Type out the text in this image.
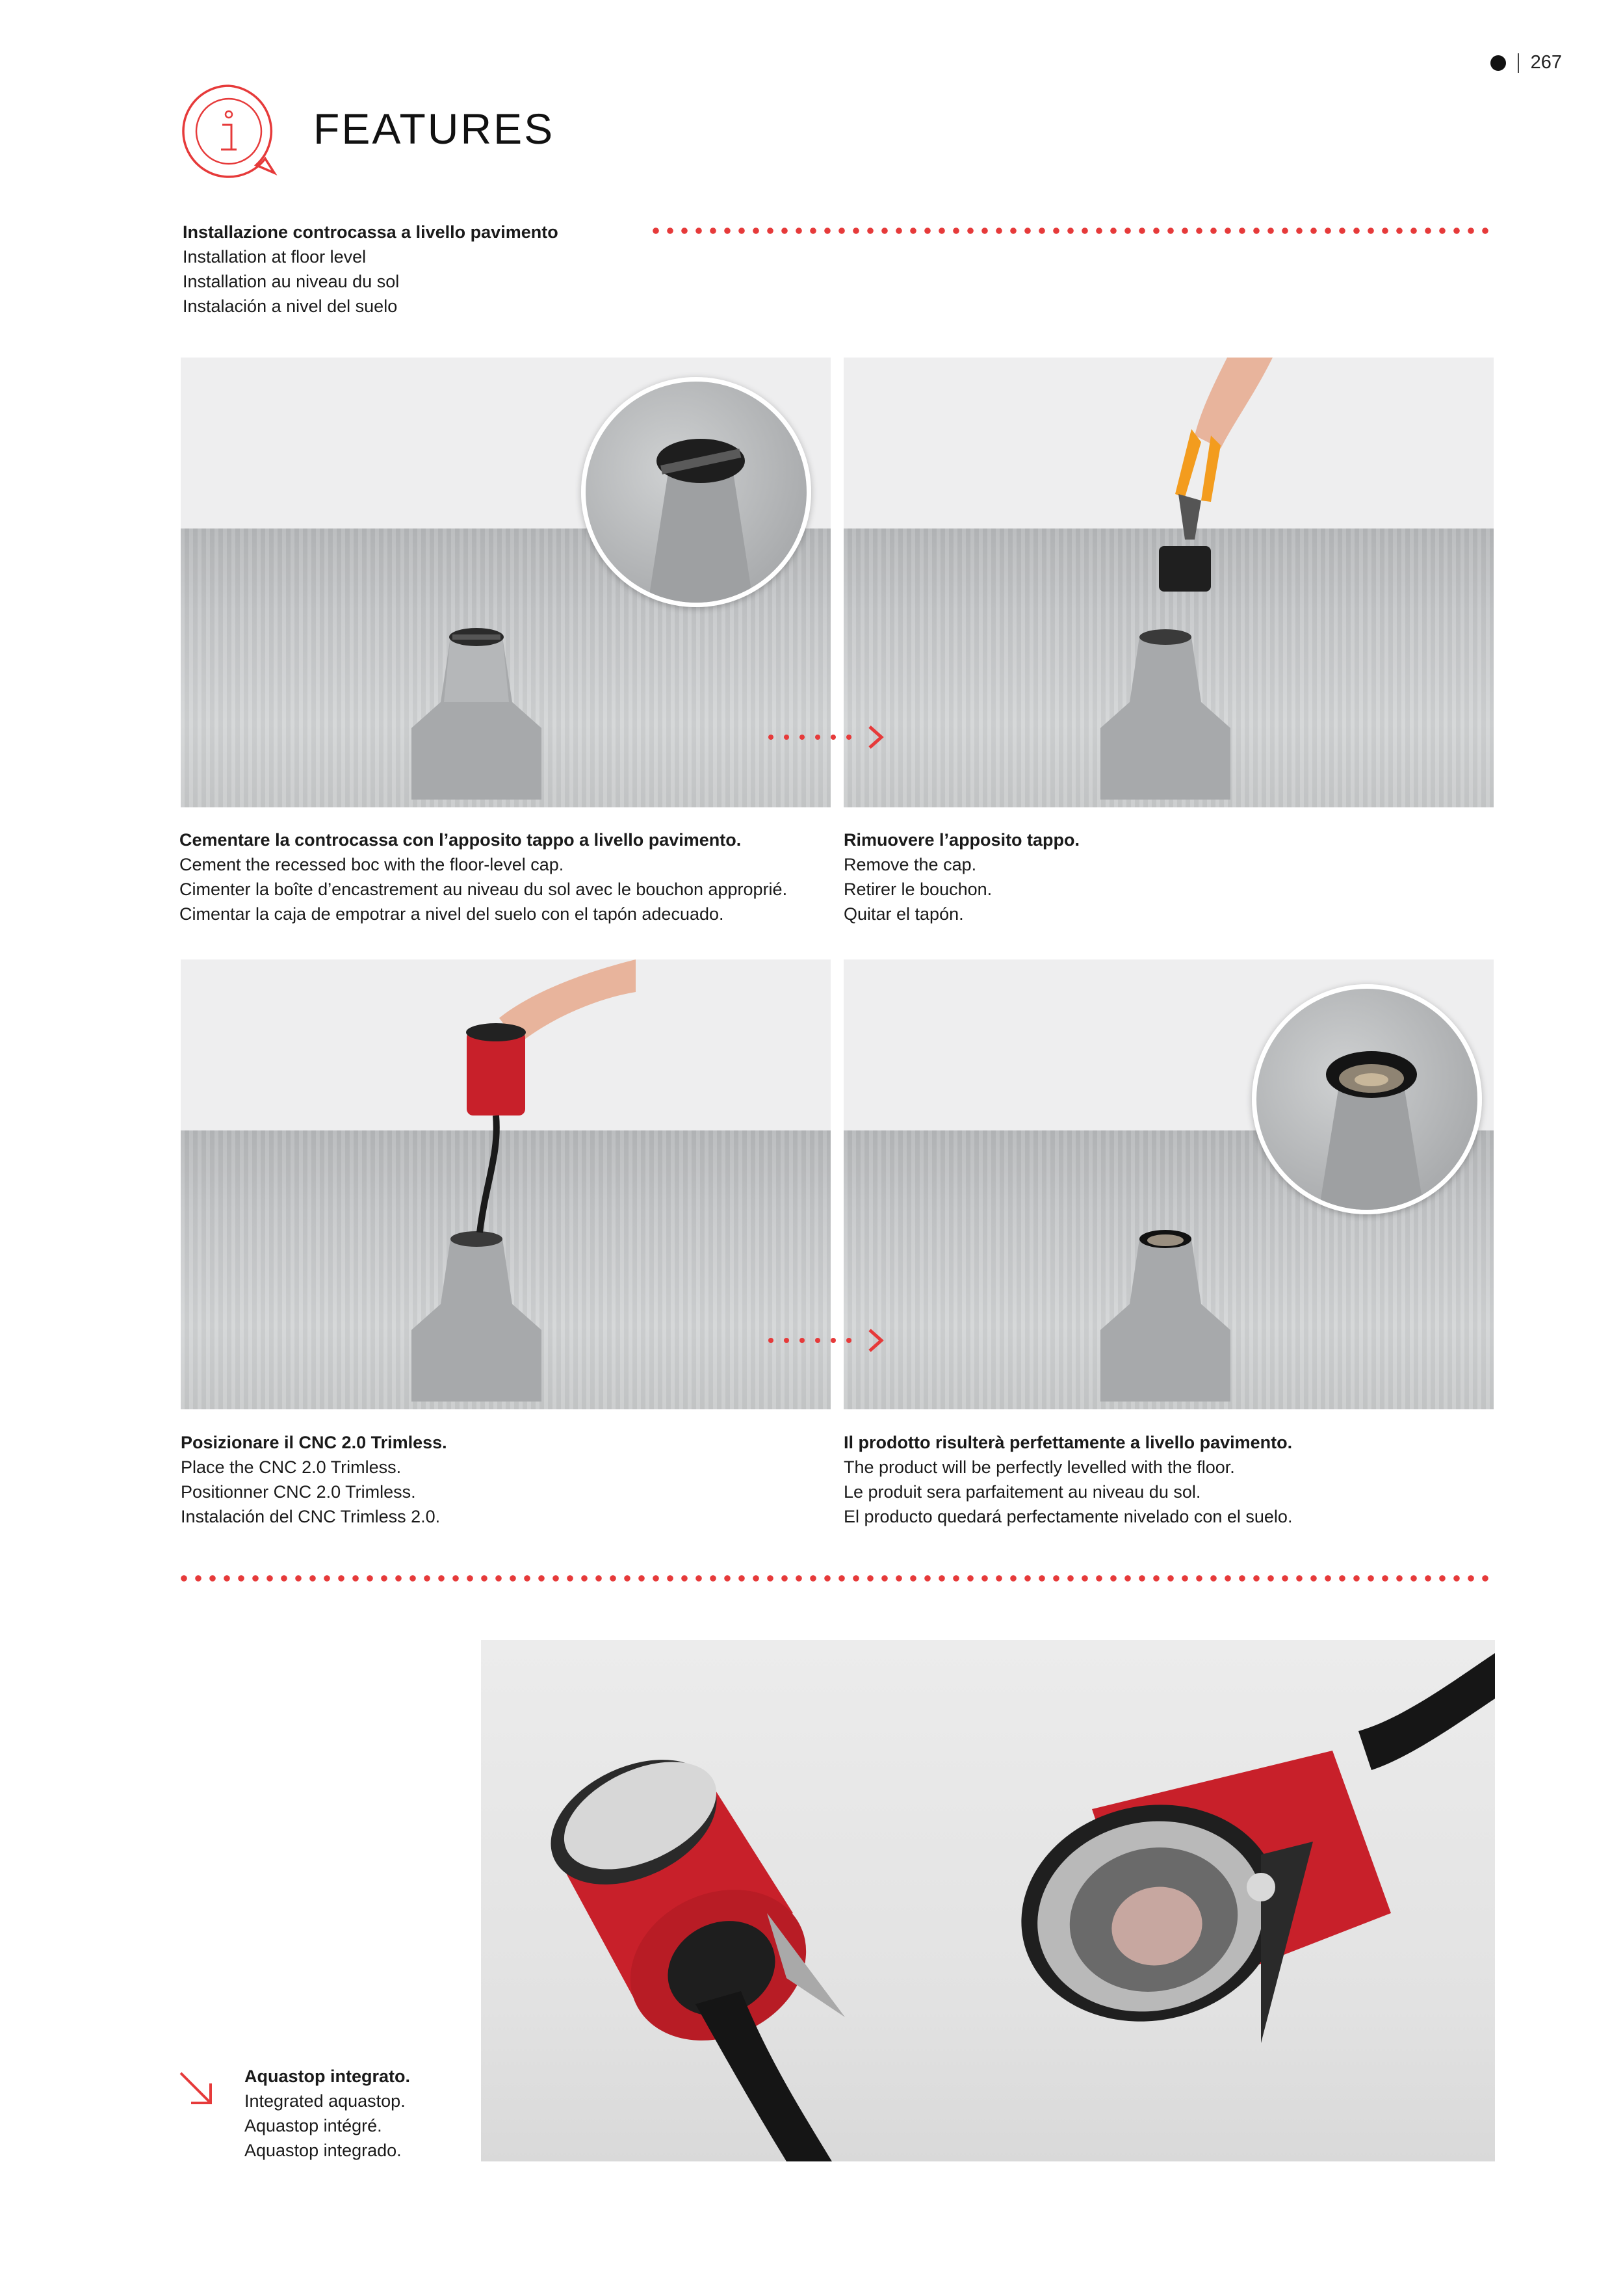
267
FEATURES
Installazione controcassa a livello pavimento
Installation at floor level
Installation au niveau du sol
Instalación a nivel del suelo
Cementare la controcassa con l’apposito tappo a livello pavimento.
Cement the recessed boc with the floor-level cap.
Cimenter la boîte d’encastrement au niveau du sol avec le bouchon approprié.
Cimentar la caja de empotrar a nivel del suelo con el tapón adecuado.
Rimuovere l’apposito tappo.
Remove the cap.
Retirer le bouchon.
Quitar el tapón.
Posizionare il CNC 2.0 Trimless.
Place the CNC 2.0 Trimless.
Positionner CNC 2.0 Trimless.
Instalación del CNC Trimless 2.0.
Il prodotto risulterà perfettamente a livello pavimento.
The product will be perfectly levelled with the floor.
Le produit sera parfaitement au niveau du sol.
El producto quedará perfectamente nivelado con el suelo.
Aquastop integrato.
Integrated aquastop.
Aquastop intégré.
Aquastop integrado.
